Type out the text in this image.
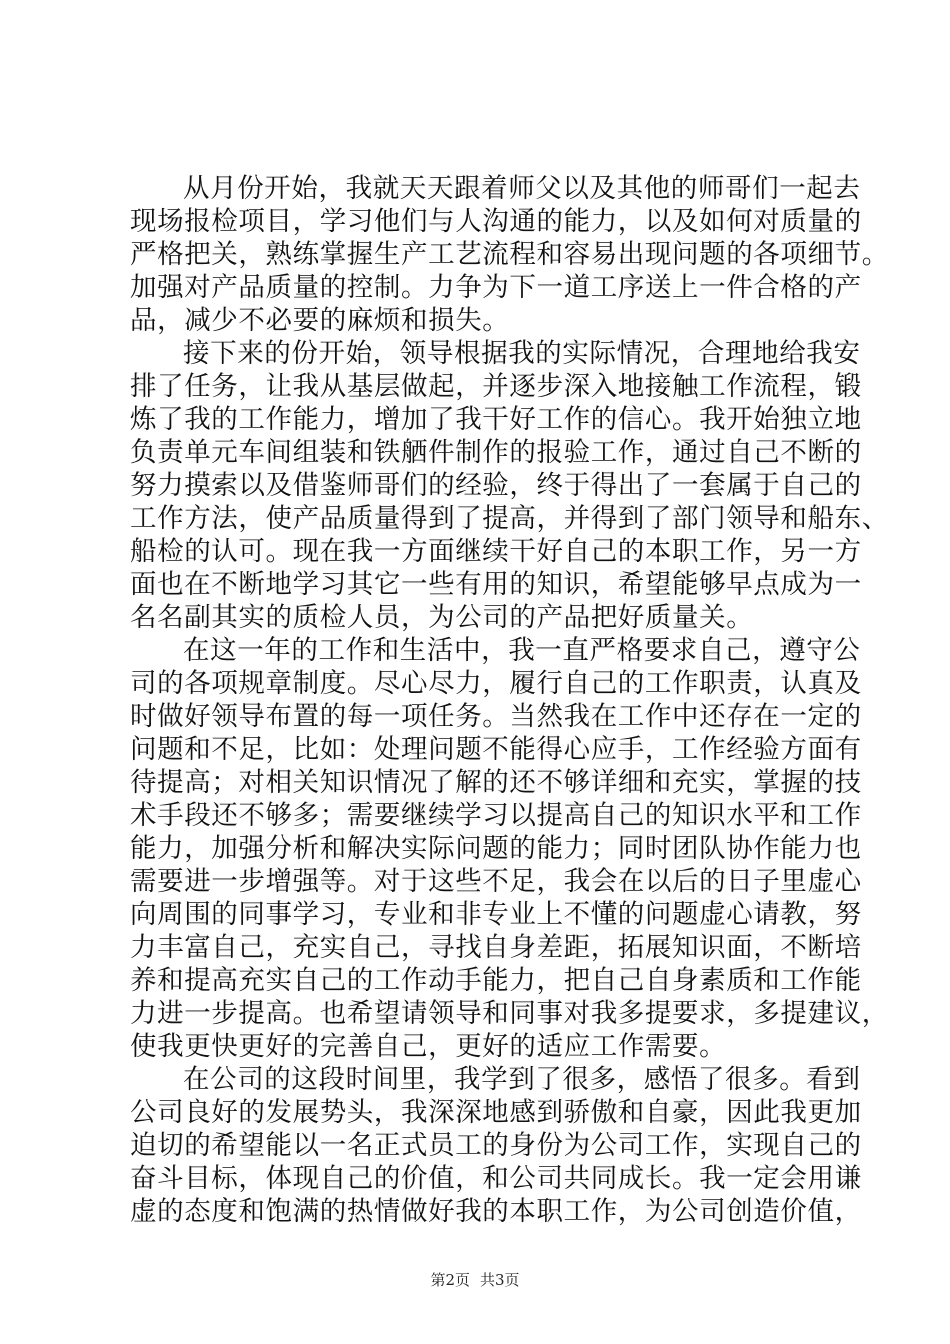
从月份开始，我就天天跟着师父以及其他的师哥们一起去
现场报检项目，学习他们与人沟通的能力，以及如何对质量的
严格把关，熟练掌握生产工艺流程和容易出现问题的各项细节。
加强对产品质量的控制。力争为下一道工序送上一件合格的产
品，减少不必要的麻烦和损失。
接下来的份开始，领导根据我的实际情况，合理地给我安
排了任务，让我从基层做起，并逐步深入地接触工作流程，锻
炼了我的工作能力，增加了我干好工作的信心。我开始独立地
负责单元车间组装和铁舾件制作的报验工作，通过自己不断的
努力摸索以及借鉴师哥们的经验，终于得出了一套属于自己的
工作方法，使产品质量得到了提高，并得到了部门领导和船东、
船检的认可。现在我一方面继续干好自己的本职工作，另一方
面也在不断地学习其它一些有用的知识，希望能够早点成为一
名名副其实的质检人员，为公司的产品把好质量关。
在这一年的工作和生活中，我一直严格要求自己，遵守公
司的各项规章制度。尽心尽力，履行自己的工作职责，认真及
时做好领导布置的每一项任务。当然我在工作中还存在一定的
问题和不足，比如：处理问题不能得心应手，工作经验方面有
待提高；对相关知识情况了解的还不够详细和充实，掌握的技
术手段还不够多；需要继续学习以提高自己的知识水平和工作
能力，加强分析和解决实际问题的能力；同时团队协作能力也
需要进一步增强等。对于这些不足，我会在以后的日子里虚心
向周围的同事学习，专业和非专业上不懂的问题虚心请教，努
力丰富自己，充实自己，寻找自身差距，拓展知识面，不断培
养和提高充实自己的工作动手能力，把自己自身素质和工作能
力进一步提高。也希望请领导和同事对我多提要求，多提建议，
使我更快更好的完善自己，更好的适应工作需要。
在公司的这段时间里，我学到了很多，感悟了很多。看到
公司良好的发展势头，我深深地感到骄傲和自豪，因此我更加
迫切的希望能以一名正式员工的身份为公司工作，实现自己的
奋斗目标，体现自己的价值，和公司共同成长。我一定会用谦
虚的态度和饱满的热情做好我的本职工作，为公司创造价值，
第2页 共3页
